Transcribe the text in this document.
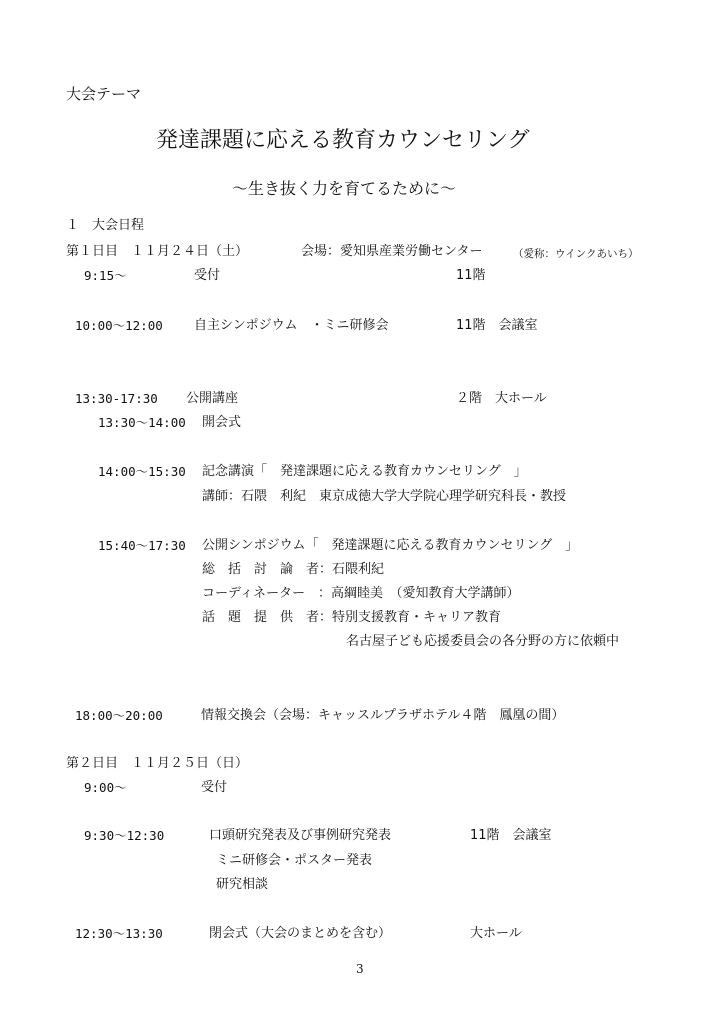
大会テーマ
発達課題に応える教育カウンセリング
～生き抜く力を育てるために～
１　大会日程
第１日目　１１月２４日（土）	会場：愛知県産業労働センター	（愛称：ウインクあいち）
9:15～	受付	11階
10:00～12:00 自主シンポジウム　・ミニ研修会	11階　会議室
13:30-17:30 公開講座	２階　大ホール
13:30～14:00 開会式
14:00～15:30 記念講演「　発達課題に応える教育カウンセリング　」
講師：石隈　利紀　東京成徳大学大学院心理学研究科長・教授
15:40～17:30 公開シンポジウム「　発達課題に応える教育カウンセリング　」
総　括　討　論　者：石隈利紀
コーディネーター　：高綱睦美　（愛知教育大学講師）
話　題　提　供　者：特別支援教育・キャリア教育
名古屋子ども応援委員会の各分野の方に依頼中
18:00～20:00	情報交換会（会場：キャッスルプラザホテル４階　鳳凰の間）
第２日目　１１月２５日（日）
9:00～	受付
9:30～12:30	口頭研究発表及び事例研究発表	11階　会議室
ミニ研修会・ポスター発表
研究相談
12:30～13:30	閉会式（大会のまとめを含む）	大ホール
3
